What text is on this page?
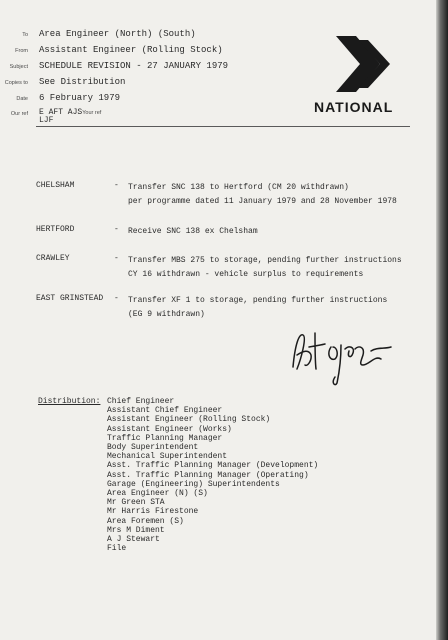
To Area Engineer (North) (South)
From Assistant Engineer (Rolling Stock)
Subject SCHEDULE REVISION - 27 JANUARY 1979
Copies to See Distribution
Date 6 February 1979
Our ref E AFT AJSYour ref
LJF
NATIONAL
CHELSHAM	- Transfer SNC 138 to Hertford (CM 20 withdrawn)
per programme dated 11 January 1979 and 28 November 1978
HERTFORD	- Receive SNC 138 ex Chelsham
CRAWLEY	- Transfer MBS 275 to storage, pending further instructions
CY 16 withdrawn - vehicle surplus to requirements
EAST GRINSTEAD - Transfer XF 1 to storage, pending further instructions
(EG 9 withdrawn)
Distribution: Chief Engineer
Assistant Chief Engineer
Assistant Engineer (Rolling Stock)
Assistant Engineer (Works)
Traffic Planning Manager
Body Superintendent
Mechanical Superintendent
Asst. Traffic Planning Manager (Development)
Asst. Traffic Planning Manager (Operating)
Garage (Engineering) Superintendents
Area Engineer (N) (S)
Mr Green STA
Mr Harris Firestone
Area Foremen (S)
Mrs M Diment
A J Stewart
File
